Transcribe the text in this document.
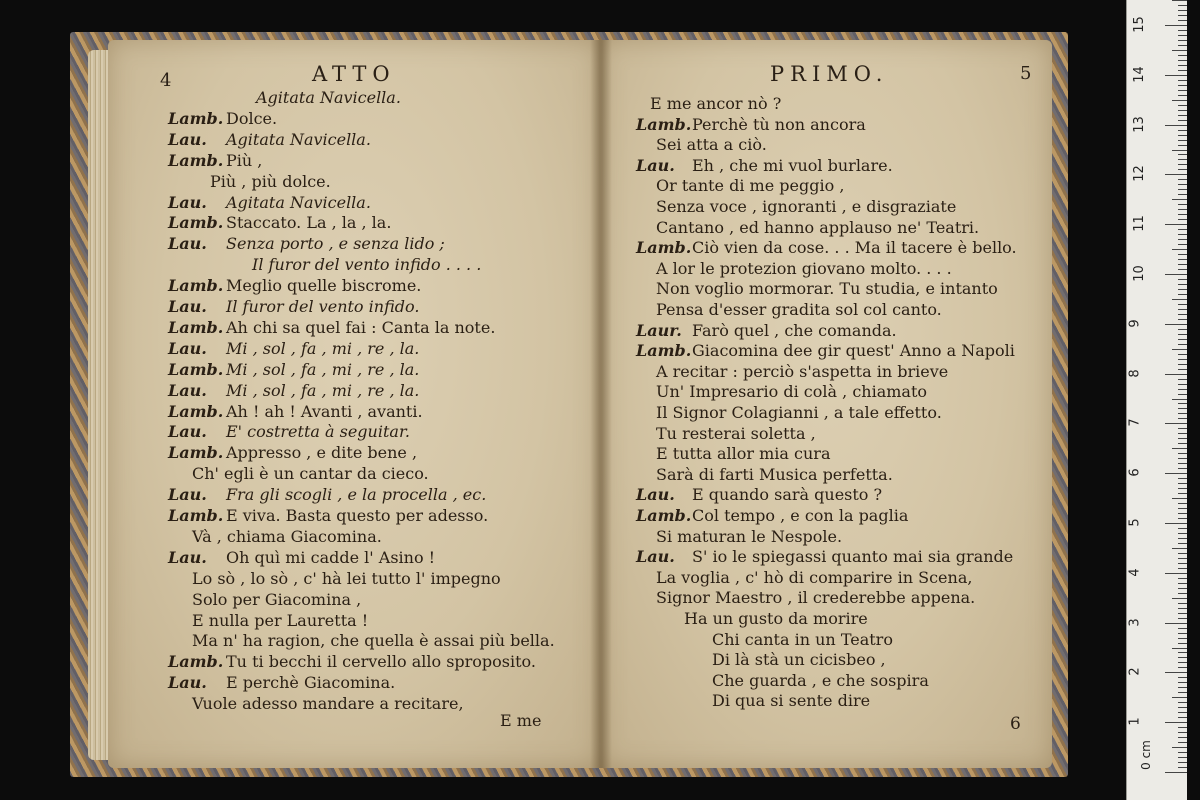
4	ATTO	PRIMO.	5
Agitata Navicella.
Lamb. Dolce.
Lau. Agitata Navicella.
Lamb. Più ,
Più , più dolce.
Lau. Agitata Navicella.
Lamb. Staccato. La , la , la.
Lau. Senza porto , e senza lido ;
Il furor del vento infido . . . .
Lamb. Meglio quelle biscrome.
Lau. Il furor del vento infido.
Lamb. Ah chi sa quel fai : Canta la note.
Lau. Mi , sol , fa , mi , re , la.
Lamb. Mi , sol , fa , mi , re , la.
Lau. Mi , sol , fa , mi , re , la.
Lamb. Ah ! ah ! Avanti , avanti.
Lau. E' costretta à seguitar.
Lamb. Appresso , e dite bene ,
Ch' egli è un cantar da cieco.
Lau. Fra gli scogli , e la procella , ec.
Lamb. E viva. Basta questo per adesso.
Và , chiama Giacomina.
Lau. Oh quì mi cadde l' Asino !
Lo sò , lo sò , c' hà lei tutto l' impegno
Solo per Giacomina ,
E nulla per Lauretta !
Ma n' ha ragion, che quella è assai più bella.
Lamb. Tu ti becchi il cervello allo sproposito.
Lau. E perchè Giacomina.
Vuole adesso mandare a recitare,
E me ancor nò ?
Lamb.Perchè tù non ancora
Sei atta a ciò.
Lau. Eh , che mi vuol burlare.
Or tante di me peggio ,
Senza voce , ignoranti , e disgraziate
Cantano , ed hanno applauso ne' Teatri.
Lamb.Ciò vien da cose. . . Ma il tacere è bello.
A lor le protezion giovano molto. . . .
Non voglio mormorar. Tu studia, e intanto
Pensa d'esser gradita sol col canto.
Laur. Farò quel , che comanda.
Lamb.Giacomina dee gir quest' Anno a Napoli
A recitar : perciò s'aspetta in brieve
Un' Impresario di colà , chiamato
Il Signor Colagianni , a tale effetto.
Tu resterai soletta ,
E tutta allor mia cura
Sarà di farti Musica perfetta.
Lau. E quando sarà questo ?
Lamb.Col tempo , e con la paglia
Si maturan le Nespole.
Lau. S' io le spiegassi quanto mai sia grande
La voglia , c' hò di comparire in Scena,
Signor Maestro , il crederebbe appena.
Ha un gusto da morire
Chi canta in un Teatro
Di là stà un cicisbeo ,
Che guarda , e che sospira
Di qua si sente dire
E me	6
0 cm
1
2
3
4
5
6
7
8
9
10
11
12
13
14
15
